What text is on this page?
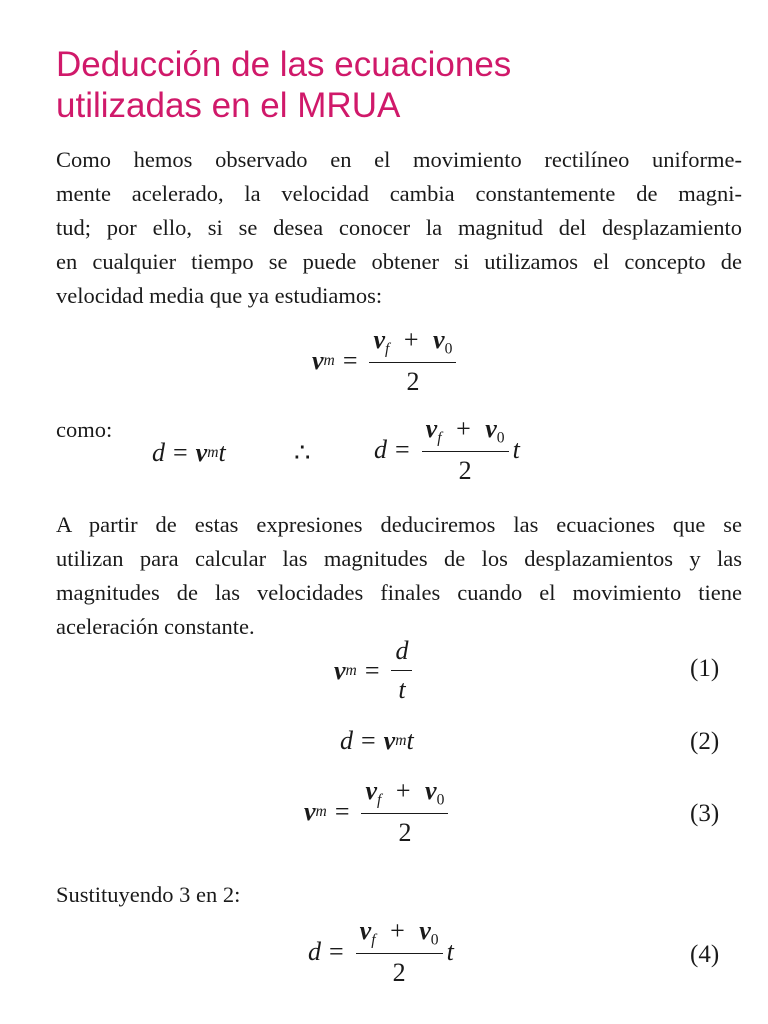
Deducción de las ecuaciones
utilizadas en el MRUA
Como hemos observado en el movimiento rectilíneo uniforme-
mente acelerado, la velocidad cambia constantemente de magni-
tud; por ello, si se desea conocer la magnitud del desplazamiento
en cualquier tiempo se puede obtener si utilizamos el concepto de
velocidad media que ya estudiamos:
v $m = \frac{v_f + v_0}{2}$
como:
d = v m t	∴ $d = \frac{v_f + v_0}{2}$ t
A partir de estas expresiones deduciremos las ecuaciones que se
utilizan para calcular las magnitudes de los desplazamientos y las
magnitudes de las velocidades finales cuando el movimiento tiene
aceleración constante.
v $m = \frac{d}{t}$	(1)
d = v m t	(2)
v $m = \frac{v_f + v_0}{2}$	(3)
Sustituyendo 3 en 2:
$d = \frac{v_f + v_0}{2}$ t	(4)
